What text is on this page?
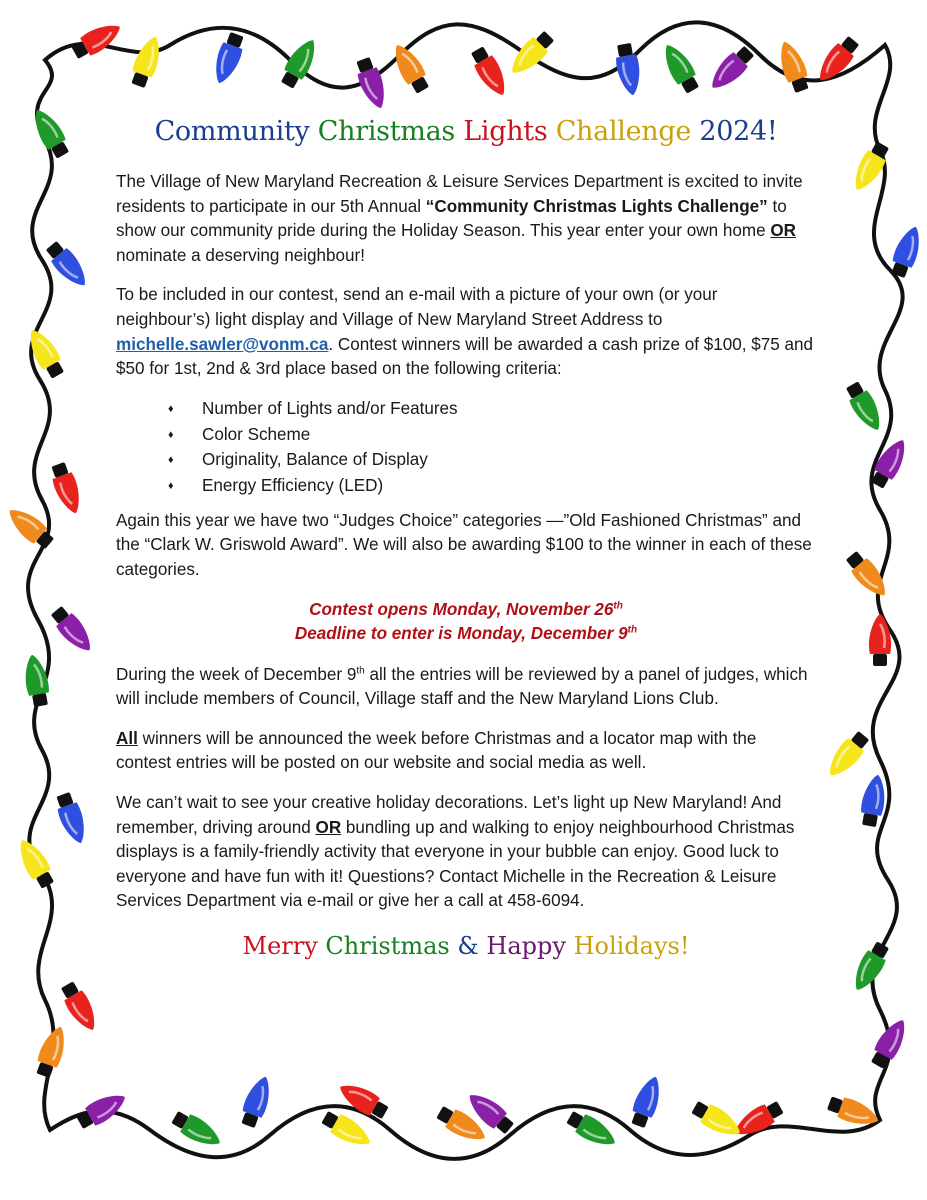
Community Christmas Lights Challenge 2024!

The Village of New Maryland Recreation & Leisure Services Department is excited to invite residents to participate in our 5th Annual “Community Christmas Lights Challenge” to show our community pride during the Holiday Season. This year enter your own home OR nominate a deserving neighbour!

To be included in our contest, send an e-mail with a picture of your own (or your neighbour’s) light display and Village of New Maryland Street Address to michelle.sawler@vonm.ca. Contest winners will be awarded a cash prize of $100, $75 and $50 for 1st, 2nd & 3rd place based on the following criteria:

♦	Number of Lights and/or Features
♦	Color Scheme
♦	Originality, Balance of Display
♦	Energy Efficiency (LED)

Again this year we have two “Judges Choice” categories —”Old Fashioned Christmas” and the “Clark W. Griswold Award”. We will also be awarding $100 to the winner in each of these categories.

Contest opens Monday, November 26th
Deadline to enter is Monday, December 9th

During the week of December 9th all the entries will be reviewed by a panel of judges, which will include members of Council, Village staff and the New Maryland Lions Club.

All winners will be announced the week before Christmas and a locator map with the contest entries will be posted on our website and social media as well.

We can’t wait to see your creative holiday decorations. Let’s light up New Maryland! And remember, driving around OR bundling up and walking to enjoy neighbourhood Christmas displays is a family-friendly activity that everyone in your bubble can enjoy. Good luck to everyone and have fun with it! Questions? Contact Michelle in the Recreation & Leisure Services Department via e-mail or give her a call at 458-6094.

Merry Christmas & Happy Holidays!
